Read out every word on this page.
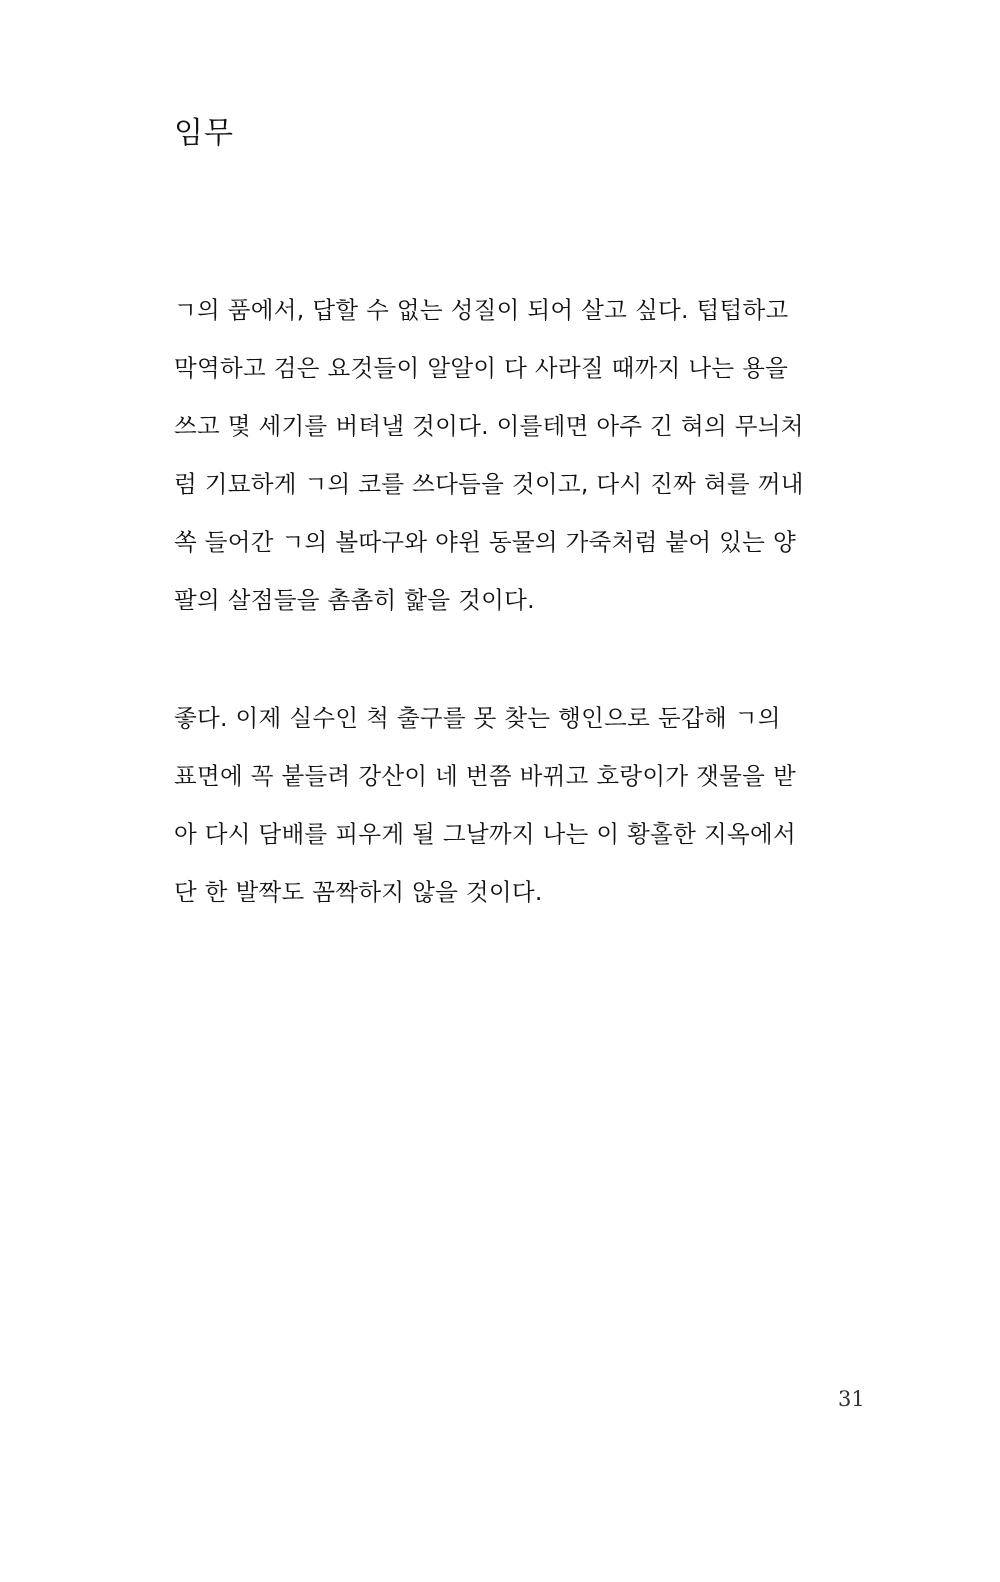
임무

ㄱ의 품에서, 답할 수 없는 성질이 되어 살고 싶다. 텁텁하고
막역하고 검은 요것들이 알알이 다 사라질 때까지 나는 용을
쓰고 몇 세기를 버텨낼 것이다. 이를테면 아주 긴 혀의 무늬처
럼 기묘하게 ㄱ의 코를 쓰다듬을 것이고, 다시 진짜 혀를 꺼내
쏙 들어간 ㄱ의 볼따구와 야윈 동물의 가죽처럼 붙어 있는 양
팔의 살점들을 촘촘히 핥을 것이다.

좋다. 이제 실수인 척 출구를 못 찾는 행인으로 둔갑해 ㄱ의
표면에 꼭 붙들려 강산이 네 번쯤 바뀌고 호랑이가 잿물을 받
아 다시 담배를 피우게 될 그날까지 나는 이 황홀한 지옥에서
단 한 발짝도 꼼짝하지 않을 것이다.

31
